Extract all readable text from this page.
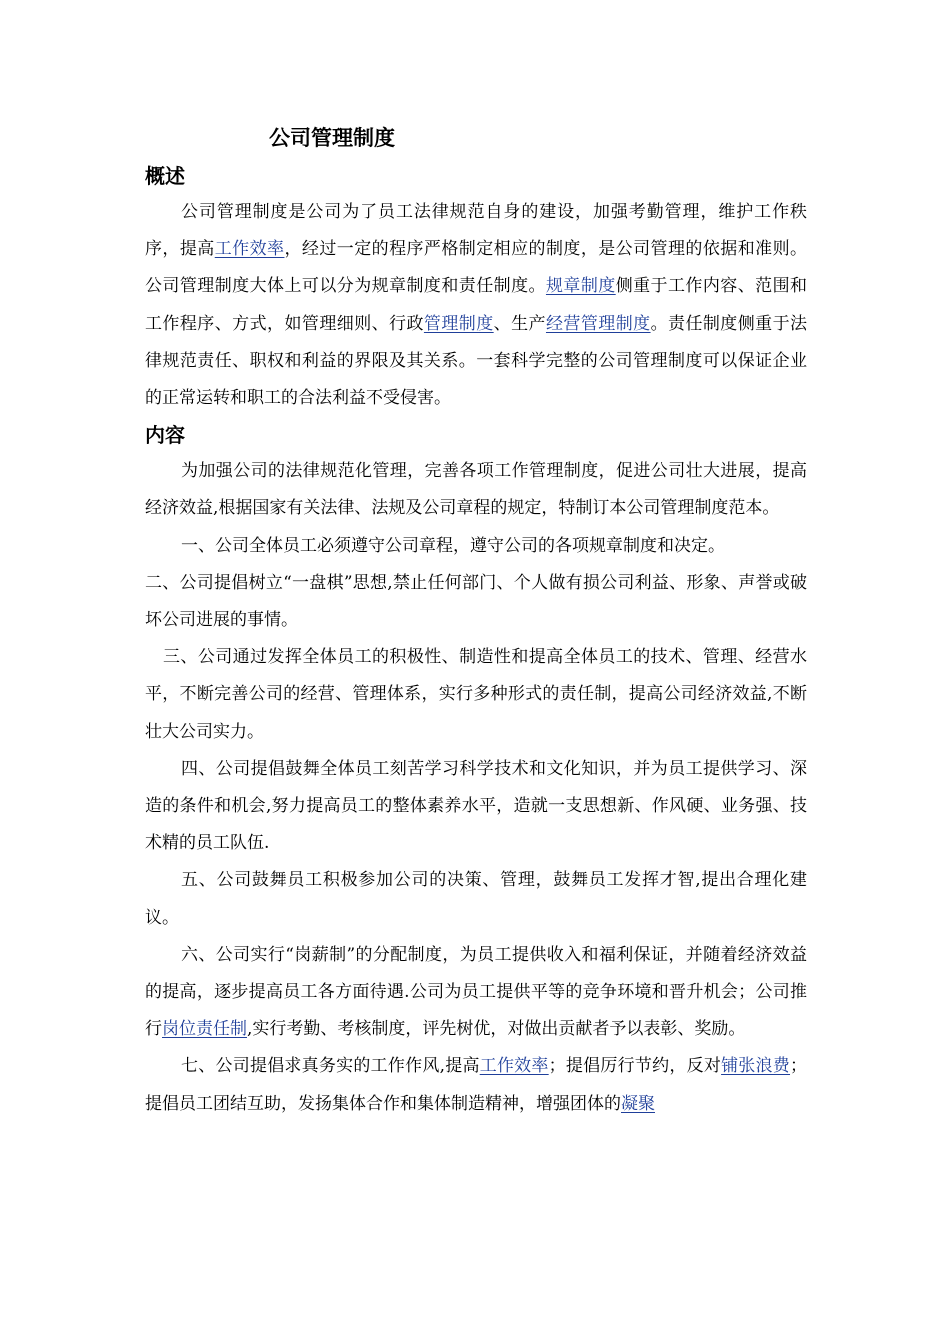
公司管理制度
概述

公司管理制度是公司为了员工法律规范自身的建设，加强考勤管理，维护工作秩序，提高工作效率，经过一定的程序严格制定相应的制度，是公司管理的依据和准则。公司管理制度大体上可以分为规章制度和责任制度。规章制度侧重于工作内容、范围和工作程序、方式，如管理细则、行政管理制度、生产经营管理制度。责任制度侧重于法律规范责任、职权和利益的界限及其关系。一套科学完整的公司管理制度可以保证企业的正常运转和职工的合法利益不受侵害。

内容

为加强公司的法律规范化管理，完善各项工作管理制度，促进公司壮大进展，提高经济效益,根据国家有关法律、法规及公司章程的规定，特制订本公司管理制度范本。

一、公司全体员工必须遵守公司章程，遵守公司的各项规章制度和决定。

二、公司提倡树立“一盘棋”思想,禁止任何部门、个人做有损公司利益、形象、声誉或破坏公司进展的事情。

三、公司通过发挥全体员工的积极性、制造性和提高全体员工的技术、管理、经营水平，不断完善公司的经营、管理体系，实行多种形式的责任制，提高公司经济效益,不断壮大公司实力。

四、公司提倡鼓舞全体员工刻苦学习科学技术和文化知识，并为员工提供学习、深造的条件和机会,努力提高员工的整体素养水平，造就一支思想新、作风硬、业务强、技术精的员工队伍.

五、公司鼓舞员工积极参加公司的决策、管理，鼓舞员工发挥才智,提出合理化建议。

六、公司实行“岗薪制”的分配制度，为员工提供收入和福利保证，并随着经济效益的提高，逐步提高员工各方面待遇.公司为员工提供平等的竞争环境和晋升机会；公司推行岗位责任制,实行考勤、考核制度，评先树优，对做出贡献者予以表彰、奖励。

七、公司提倡求真务实的工作作风,提高工作效率；提倡厉行节约，反对铺张浪费；提倡员工团结互助，发扬集体合作和集体制造精神，增强团体的凝聚
